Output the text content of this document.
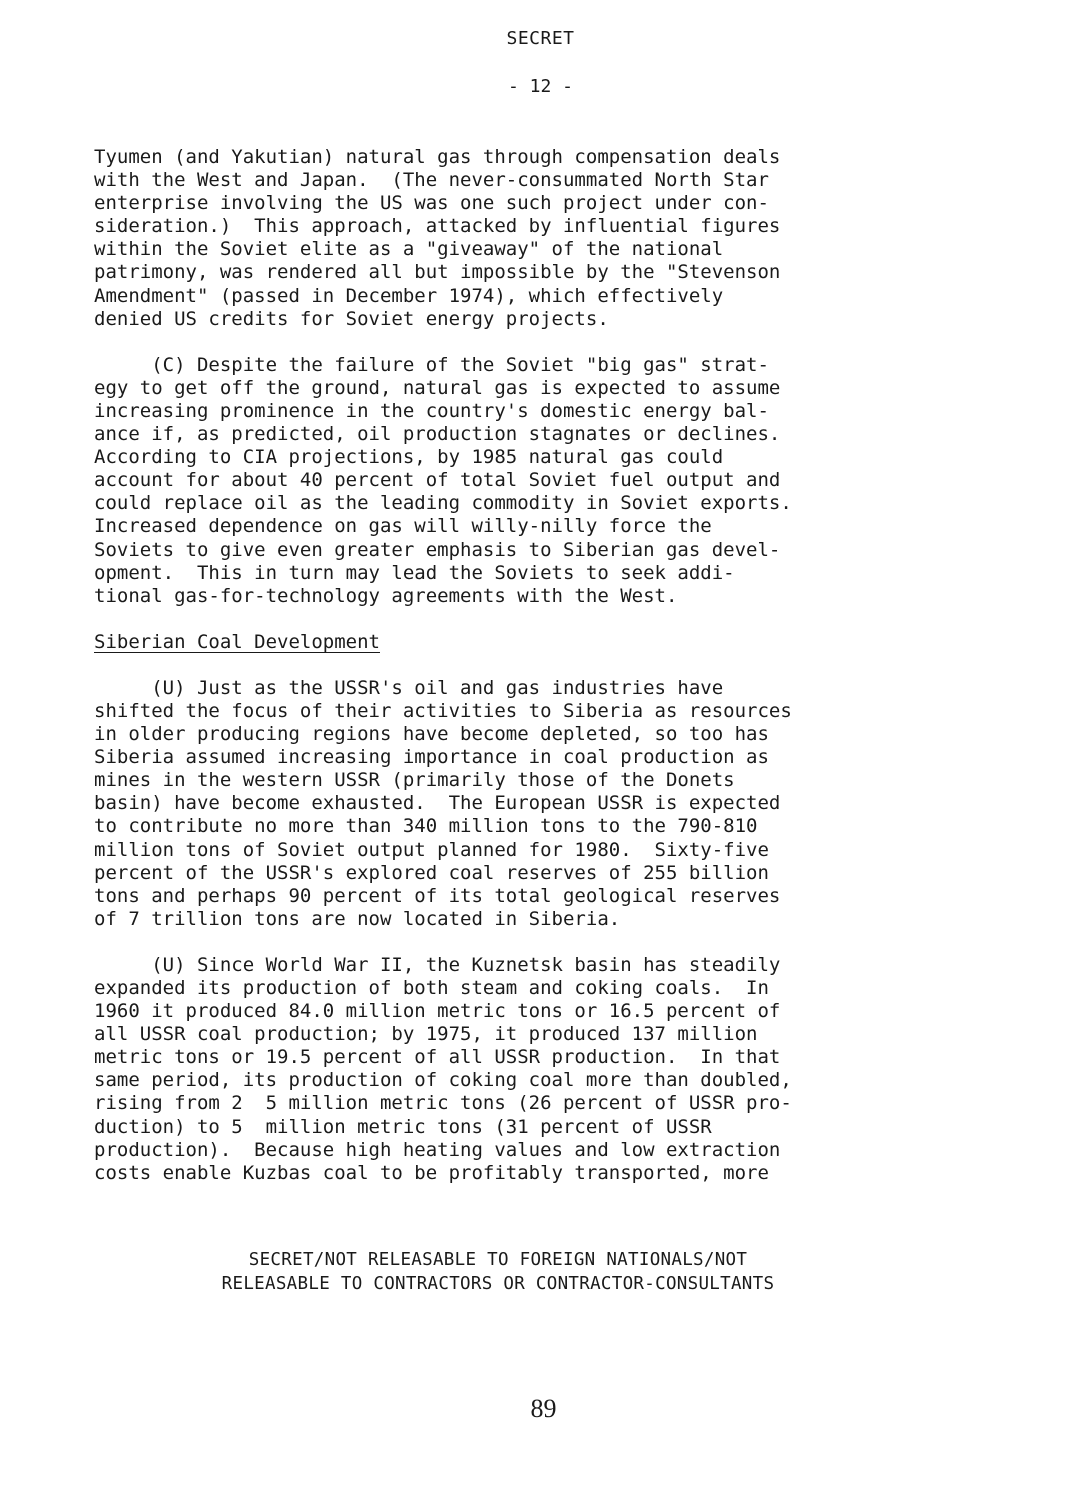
SECRET
- 12 -
Tyumen (and Yakutian) natural gas through compensation deals
with the West and Japan.  (The never-consummated North Star
enterprise involving the US was one such project under con-
sideration.)  This approach, attacked by influential figures
within the Soviet elite as a "giveaway" of the national
patrimony, was rendered all but impossible by the "Stevenson
Amendment" (passed in December 1974), which effectively
denied US credits for Soviet energy projects.
(C) Despite the failure of the Soviet "big gas" strat-
egy to get off the ground, natural gas is expected to assume
increasing prominence in the country's domestic energy bal-
ance if, as predicted, oil production stagnates or declines.
According to CIA projections, by 1985 natural gas could
account for about 40 percent of total Soviet fuel output and
could replace oil as the leading commodity in Soviet exports.
Increased dependence on gas will willy-nilly force the
Soviets to give even greater emphasis to Siberian gas devel-
opment.  This in turn may lead the Soviets to seek addi-
tional gas-for-technology agreements with the West.
Siberian Coal Development
(U) Just as the USSR's oil and gas industries have
shifted the focus of their activities to Siberia as resources
in older producing regions have become depleted, so too has
Siberia assumed increasing importance in coal production as
mines in the western USSR (primarily those of the Donets
basin) have become exhausted.  The European USSR is expected
to contribute no more than 340 million tons to the 790-810
million tons of Soviet output planned for 1980.  Sixty-five
percent of the USSR's explored coal reserves of 255 billion
tons and perhaps 90 percent of its total geological reserves
of 7 trillion tons are now located in Siberia.
(U) Since World War II, the Kuznetsk basin has steadily
expanded its production of both steam and coking coals.  In
1960 it produced 84.0 million metric tons or 16.5 percent of
all USSR coal production; by 1975, it produced 137 million
metric tons or 19.5 percent of all USSR production.  In that
same period, its production of coking coal more than doubled,
rising from 2  5 million metric tons (26 percent of USSR pro-
duction) to 5  million metric tons (31 percent of USSR
production).  Because high heating values and low extraction
costs enable Kuzbas coal to be profitably transported, more
SECRET/NOT RELEASABLE TO FOREIGN NATIONALS/NOT
RELEASABLE TO CONTRACTORS OR CONTRACTOR-CONSULTANTS
89
